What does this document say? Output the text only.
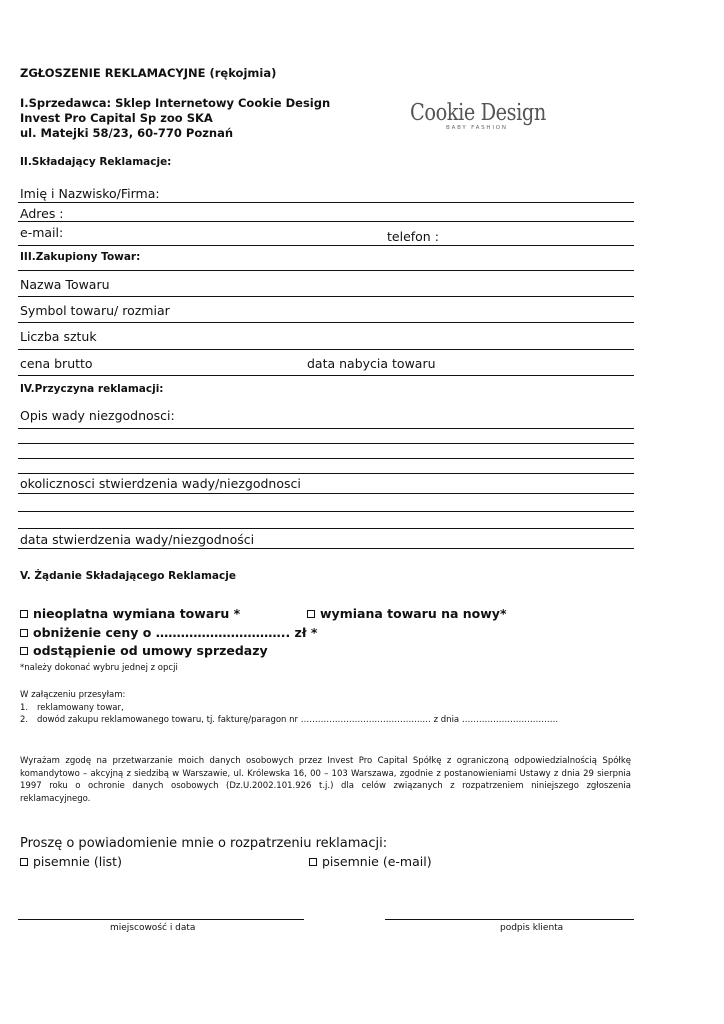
ZGŁOSZENIE REKLAMACYJNE (rękojmia)
I.Sprzedawca: Sklep Internetowy Cookie Design
Invest Pro Capital Sp zoo SKA
ul. Matejki 58/23, 60-770 Poznań
Cookie Design
BABY FASHION
II.Składający Reklamacje:
Imię i Nazwisko/Firma:
Adres :
e-mail:	telefon :
III.Zakupiony Towar:
Nazwa Towaru
Symbol towaru/ rozmiar
Liczba sztuk
cena brutto	data nabycia towaru
IV.Przyczyna reklamacji:
Opis wady niezgodnosci:
okolicznosci stwierdzenia wady/niezgodnosci
data stwierdzenia wady/niezgodności
V. Żądanie Składającego Reklamacje
nieoplatna wymiana towaru *	wymiana towaru na nowy*
obniżenie ceny o ………………………….. zł *
odstąpienie od umowy sprzedazy
*należy dokonać wybru jednej z opcji
W załączeniu przesyłam:
1. reklamowany towar,
2. dowód zakupu reklamowanego towaru, tj. fakturę/paragon nr …………………………………….… z dnia …………………………….
Wyrażam zgodę na przetwarzanie moich danych osobowych przez Invest Pro Capital Spółkę z ograniczoną odpowiedzialnością Spółkę komandytowo – akcyjną z siedzibą w Warszawie, ul. Królewska 16, 00 – 103 Warszawa, zgodnie z postanowieniami Ustawy z dnia 29 sierpnia 1997 roku o ochronie danych osobowych (Dz.U.2002.101.926 t.j.) dla celów związanych z rozpatrzeniem niniejszego zgłoszenia reklamacyjnego.
Proszę o powiadomienie mnie o rozpatrzeniu reklamacji:
pisemnie (list)	pisemnie (e-mail)
miejscowość i data	podpis klienta
